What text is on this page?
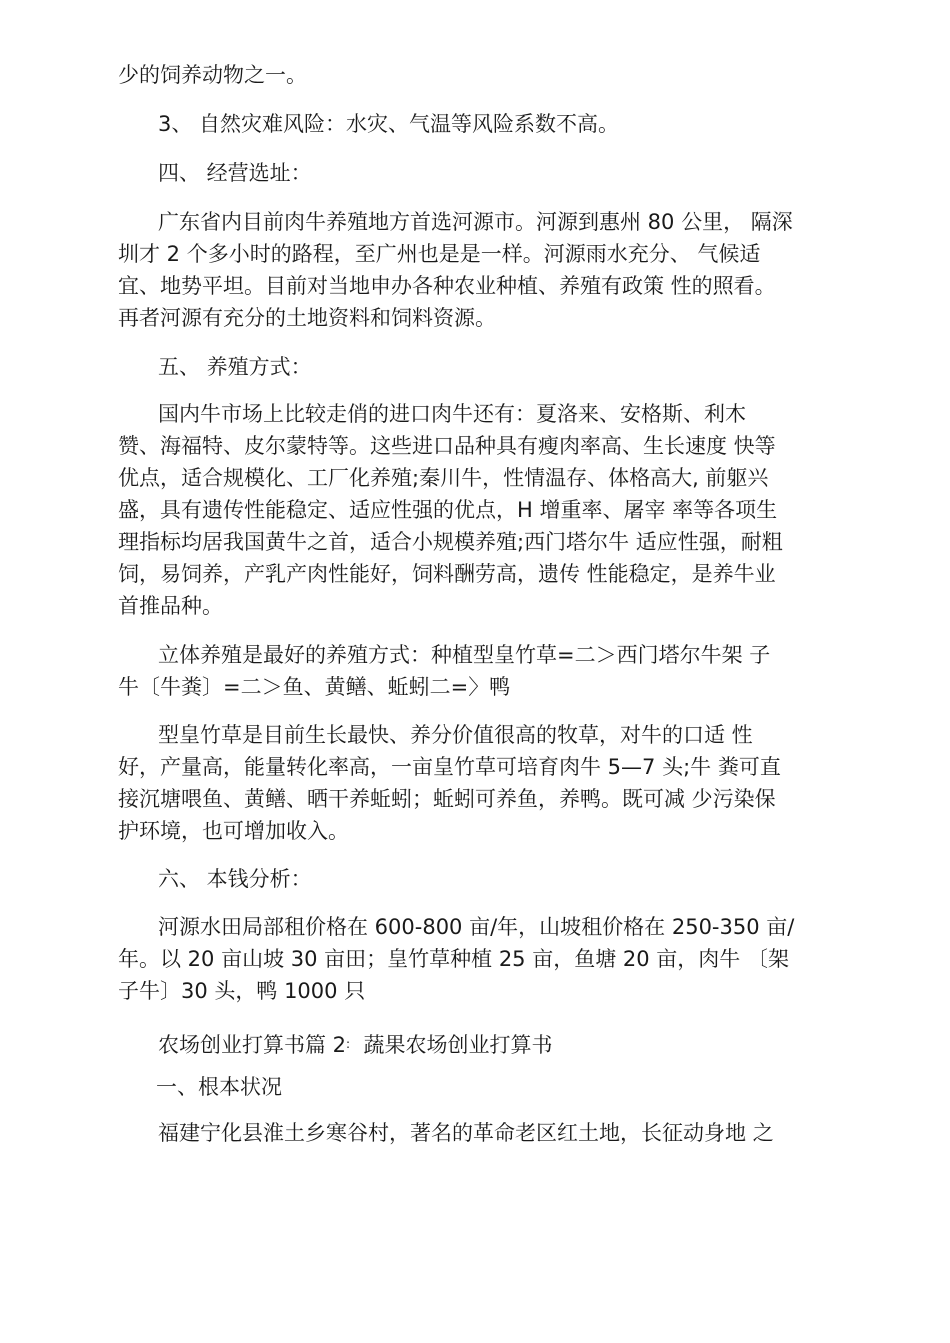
少的饲养动物之一。

3、 自然灾难风险：水灾、气温等风险系数不高。

四、 经营选址：

广东省内目前肉牛养殖地方首选河源市。河源到惠州 80 公里， 隔深
圳才 2 个多小时的路程，至广州也是是一样。河源雨水充分、 气候适
宜、地势平坦。目前对当地申办各种农业种植、养殖有政策 性的照看。
再者河源有充分的土地资料和饲料资源。

五、 养殖方式：

国内牛市场上比较走俏的进口肉牛还有：夏洛来、安格斯、利木
赞、海福特、皮尔蒙特等。这些进口品种具有瘦肉率高、生长速度 快等
优点，适合规模化、工厂化养殖;秦川牛，性情温存、体格高大, 前躯兴
盛，具有遗传性能稳定、适应性强的优点，H 增重率、屠宰 率等各项生
理指标均居我国黄牛之首，适合小规模养殖;西门塔尔牛 适应性强，耐粗
饲，易饲养，产乳产肉性能好，饲料酬劳高，遗传 性能稳定，是养牛业
首推品种。

立体养殖是最好的养殖方式：种植型皇竹草=二＞西门塔尔牛架 子
牛〔牛粪〕=二＞鱼、黄鳝、蚯蚓二=〉鸭

型皇竹草是目前生长最快、养分价值很高的牧草，对牛的口适 性
好，产量高，能量转化率高，一亩皇竹草可培育肉牛 5—7 头;牛 粪可直
接沉塘喂鱼、黄鳝、晒干养蚯蚓；蚯蚓可养鱼，养鸭。既可减 少污染保
护环境，也可增加收入。

六、 本钱分析：

河源水田局部租价格在 600-800 亩/年，山坡租价格在 250-350 亩/
年。以 20 亩山坡 30 亩田；皇竹草种植 25 亩，鱼塘 20 亩，肉牛 〔架
子牛〕30 头，鸭 1000 只

农场创业打算书篇 2: 蔬果农场创业打算书

一、根本状况

福建宁化县淮土乡寒谷村，著名的革命老区红土地，长征动身地 之
